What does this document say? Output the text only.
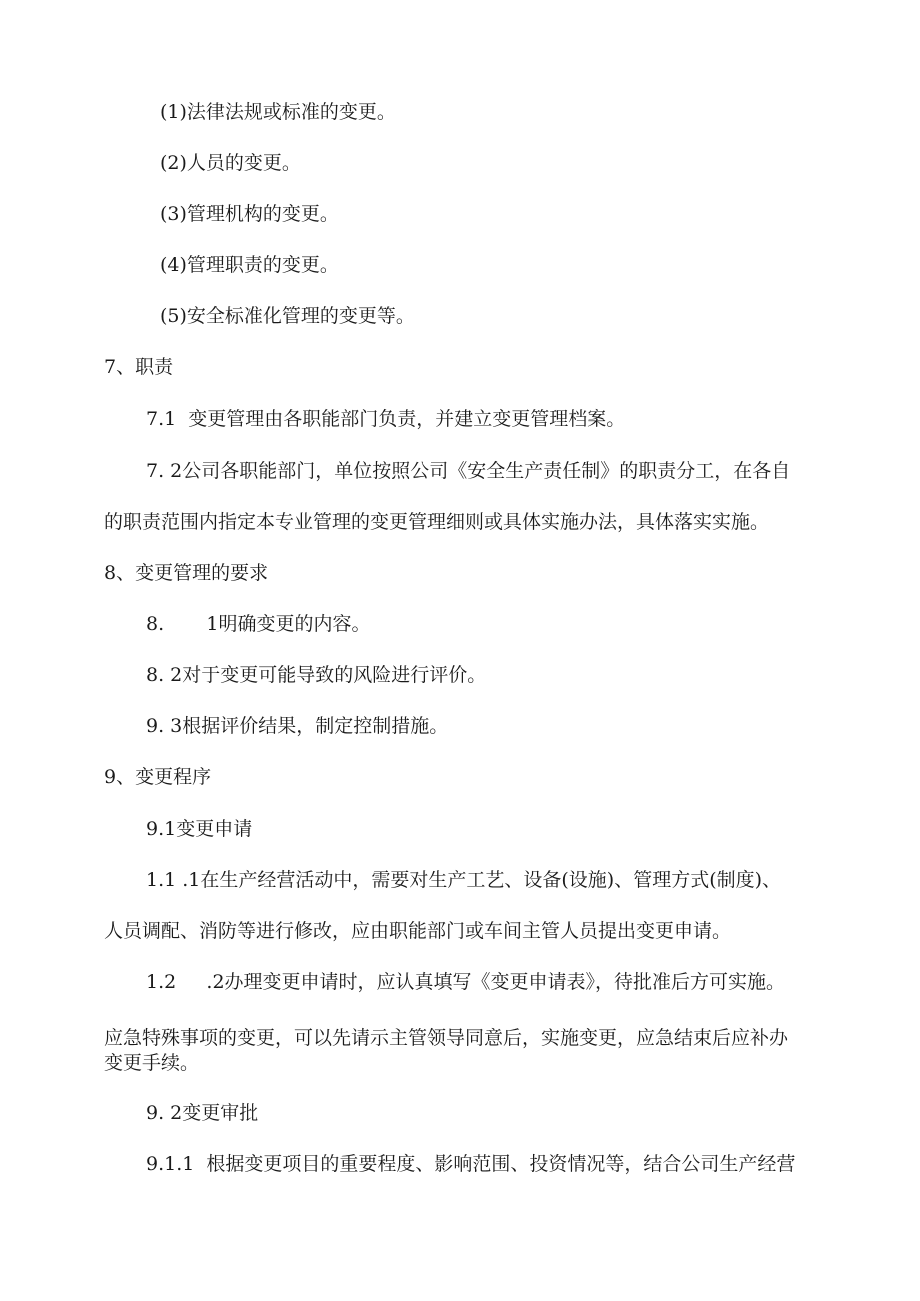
(1)法律法规或标准的变更。

(2)人员的变更。

(3)管理机构的变更。

(4)管理职责的变更。

(5)安全标准化管理的变更等。

7、职责

7.1  变更管理由各职能部门负责，并建立变更管理档案。

7. 2公司各职能部门，单位按照公司《安全生产责任制》的职责分工，在各自

的职责范围内指定本专业管理的变更管理细则或具体实施办法，具体落实实施。

8、变更管理的要求

8.       1明确变更的内容。

8. 2对于变更可能导致的风险进行评价。

9. 3根据评价结果，制定控制措施。

9、变更程序

9.1变更申请

1.1 .1在生产经营活动中，需要对生产工艺、设备(设施)、管理方式(制度)、

人员调配、消防等进行修改，应由职能部门或车间主管人员提出变更申请。

1.2     .2办理变更申请时，应认真填写《变更申请表》，待批准后方可实施。

应急特殊事项的变更，可以先请示主管领导同意后，实施变更，应急结束后应补办

变更手续。

9. 2变更审批

9.1.1  根据变更项目的重要程度、影响范围、投资情况等，结合公司生产经营
